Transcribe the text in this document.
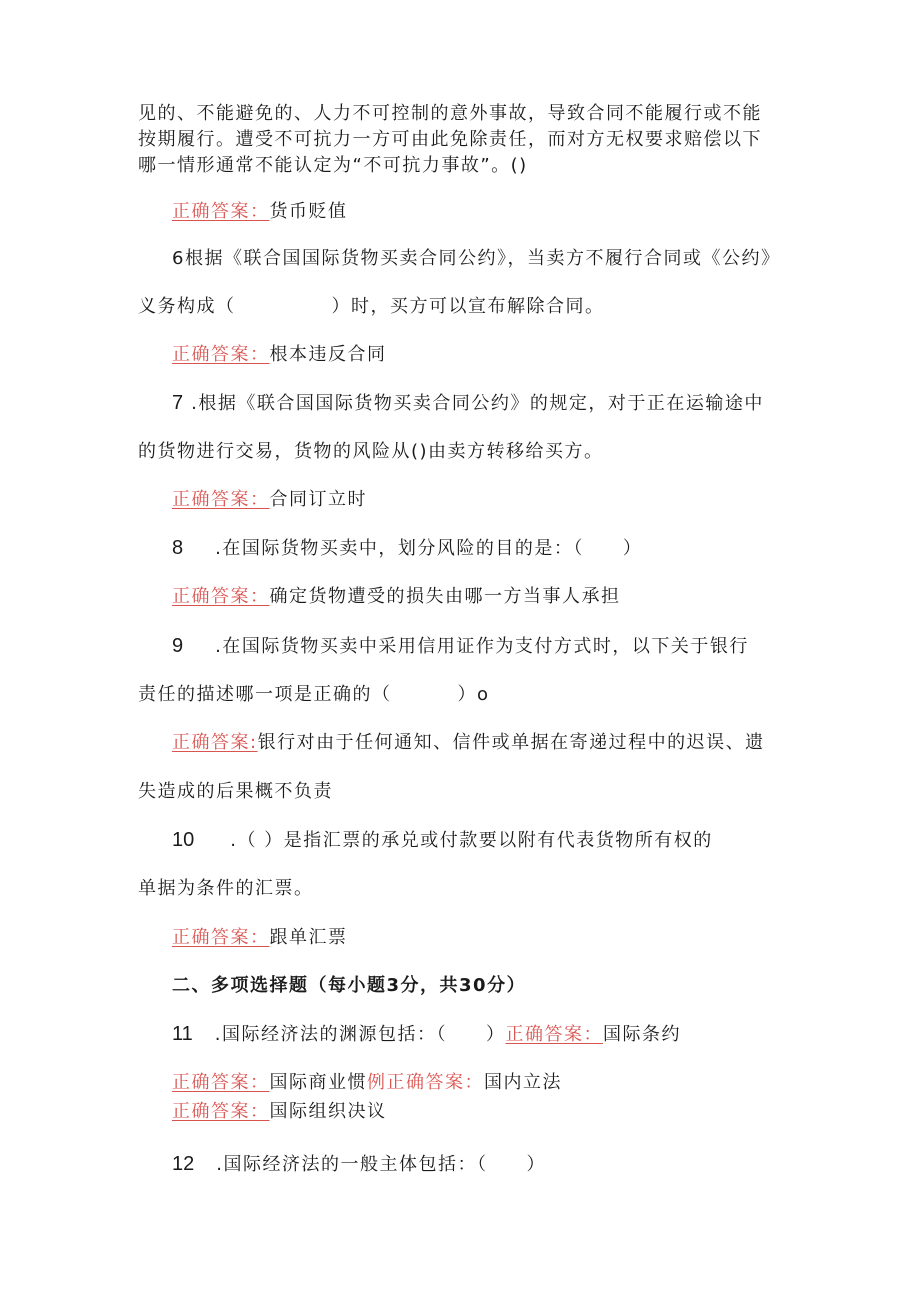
见的、不能避免的、人力不可控制的意外事故，导致合同不能履行或不能
按期履行。遭受不可抗力一方可由此免除责任，而对方无权要求赔偿以下
哪一情形通常不能认定为“不可抗力事故”。()
正确答案：货币贬值
6根据《联合国国际货物买卖合同公约》，当卖方不履行合同或《公约》
义务构成（	）时，买方可以宣布解除合同。
正确答案：根本违反合同
7 .根据《联合国国际货物买卖合同公约》的规定，对于正在运输途中
的货物进行交易，货物的风险从()由卖方转移给买方。
正确答案：合同订立时
8 .在国际货物买卖中，划分风险的目的是：（　　）
正确答案：确定货物遭受的损失由哪一方当事人承担
9 .在国际货物买卖中采用信用证作为支付方式时，以下关于银行
责任的描述哪一项是正确的（	）o
正确答案:银行对由于任何通知、信件或单据在寄递过程中的迟误、遗
失造成的后果概不负责
10 .（ ）是指汇票的承兑或付款要以附有代表货物所有权的
单据为条件的汇票。
正确答案：跟单汇票
二、多项选择题（每小题3分，共30分）
11 .国际经济法的渊源包括：（　　）正确答案：国际条约
正确答案：国际商业惯例正确答案：国内立法
正确答案：国际组织决议
12 .国际经济法的一般主体包括：（　　）
